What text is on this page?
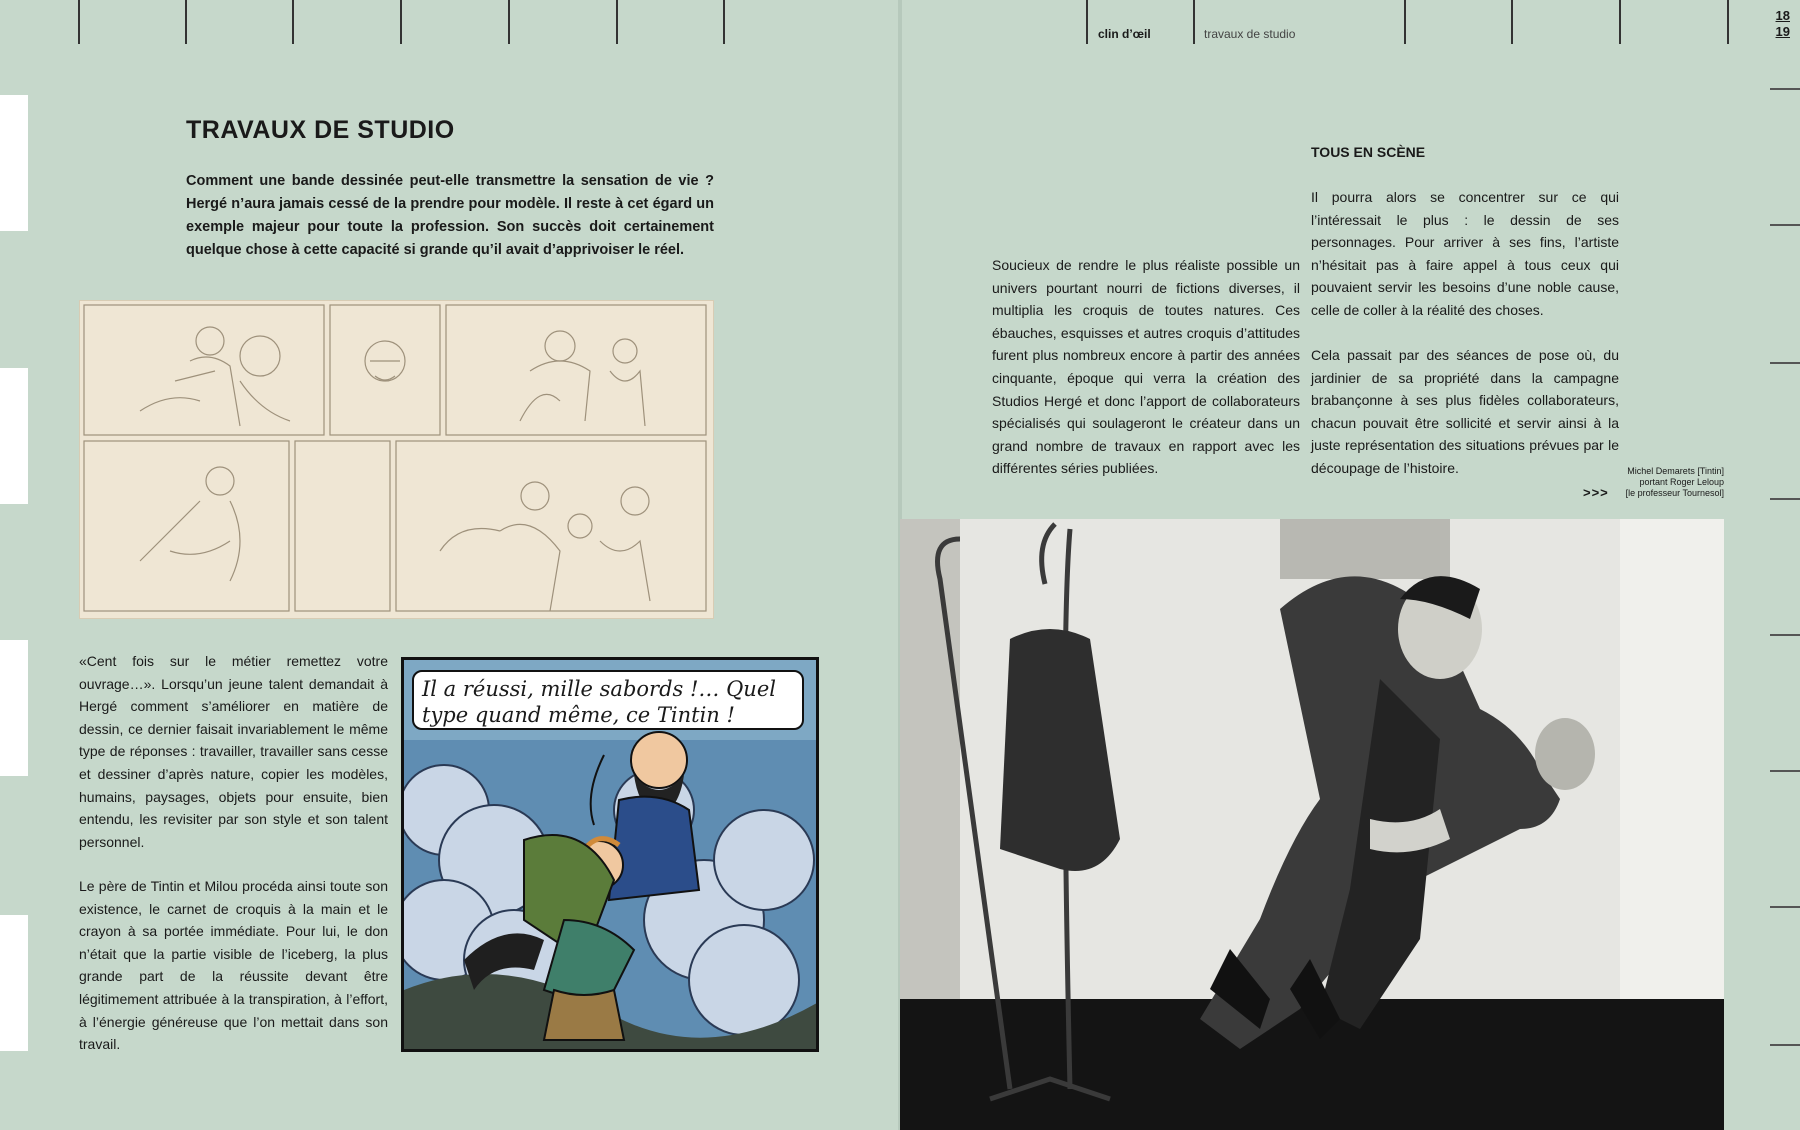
clin d’œil	travaux de studio
18
19
TRAVAUX DE STUDIO
Comment une bande dessinée peut-elle transmettre la sensation de vie ? Hergé n’aura jamais cessé de la prendre pour modèle. Il reste à cet égard un exemple majeur pour toute la profession. Son succès doit certainement quelque chose à cette capacité si grande qu’il avait d’apprivoiser le réel.
«Cent fois sur le métier remettez votre ouvrage…». Lorsqu’un jeune talent demandait à Hergé comment s’améliorer en matière de dessin, ce dernier faisait invariablement le même type de réponses : travailler, travailler sans cesse et dessiner d’après nature, copier les modèles, humains, paysages, objets pour ensuite, bien entendu, les revisiter par son style et son talent personnel.
Le père de Tintin et Milou procéda ainsi toute son existence, le carnet de croquis à la main et le crayon à sa portée immédiate. Pour lui, le don n’était que la partie visible de l’iceberg, la plus grande part de la réussite devant être légitimement attribuée à la transpiration, à l’effort, à l’énergie généreuse que l’on mettait dans son travail.
Il a réussi, mille sabords !… Quel
type quand même, ce Tintin !
Soucieux de rendre le plus réaliste possible un univers pourtant nourri de fictions diverses, il multiplia les croquis de toutes natures. Ces ébauches, esquisses et autres croquis d’attitudes furent plus nombreux encore à partir des années cinquante, époque qui verra la création des Studios Hergé et donc l’apport de collaborateurs spécialisés qui soulageront le créateur dans un grand nombre de travaux en rapport avec les différentes séries publiées.
TOUS EN SCÈNE
Il pourra alors se concentrer sur ce qui l’intéressait le plus : le dessin de ses personnages. Pour arriver à ses fins, l’artiste n’hésitait pas à faire appel à tous ceux qui pouvaient servir les besoins d’une noble cause, celle de coller à la réalité des choses.
Cela passait par des séances de pose où, du jardinier de sa propriété dans la campagne brabançonne à ses plus fidèles collaborateurs, chacun pouvait être sollicité et servir ainsi à la juste représentation des situations prévues par le découpage de l’histoire.
>>>
Michel Demarets [Tintin]
portant Roger Leloup
[le professeur Tournesol]
